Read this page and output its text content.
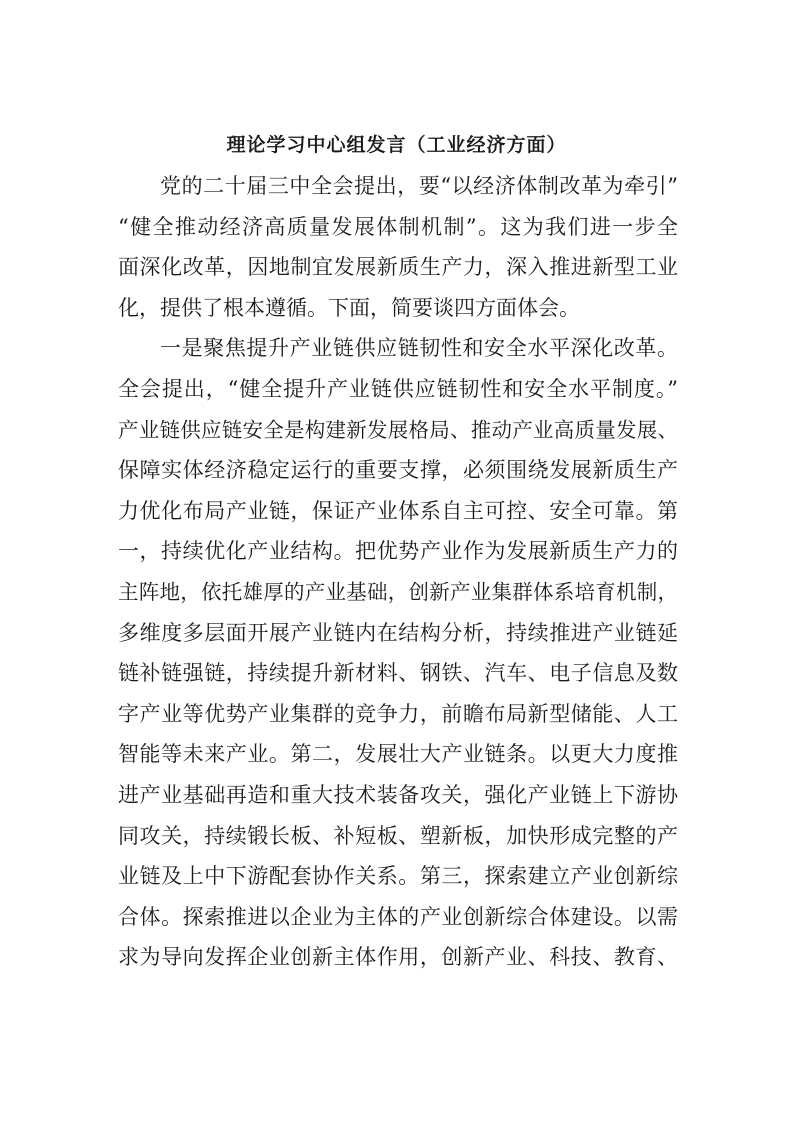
理论学习中心组发言（工业经济方面）
党的二十届三中全会提出，要“以经济体制改革为牵引”
“健全推动经济高质量发展体制机制”。这为我们进一步全
面深化改革，因地制宜发展新质生产力，深入推进新型工业
化，提供了根本遵循。下面，简要谈四方面体会。
一是聚焦提升产业链供应链韧性和安全水平深化改革。
全会提出，“健全提升产业链供应链韧性和安全水平制度。”
产业链供应链安全是构建新发展格局、推动产业高质量发展、
保障实体经济稳定运行的重要支撑，必须围绕发展新质生产
力优化布局产业链，保证产业体系自主可控、安全可靠。第
一，持续优化产业结构。把优势产业作为发展新质生产力的
主阵地，依托雄厚的产业基础，创新产业集群体系培育机制，
多维度多层面开展产业链内在结构分析，持续推进产业链延
链补链强链，持续提升新材料、钢铁、汽车、电子信息及数
字产业等优势产业集群的竞争力，前瞻布局新型储能、人工
智能等未来产业。第二，发展壮大产业链条。以更大力度推
进产业基础再造和重大技术装备攻关，强化产业链上下游协
同攻关，持续锻长板、补短板、塑新板，加快形成完整的产
业链及上中下游配套协作关系。第三，探索建立产业创新综
合体。探索推进以企业为主体的产业创新综合体建设。以需
求为导向发挥企业创新主体作用，创新产业、科技、教育、
